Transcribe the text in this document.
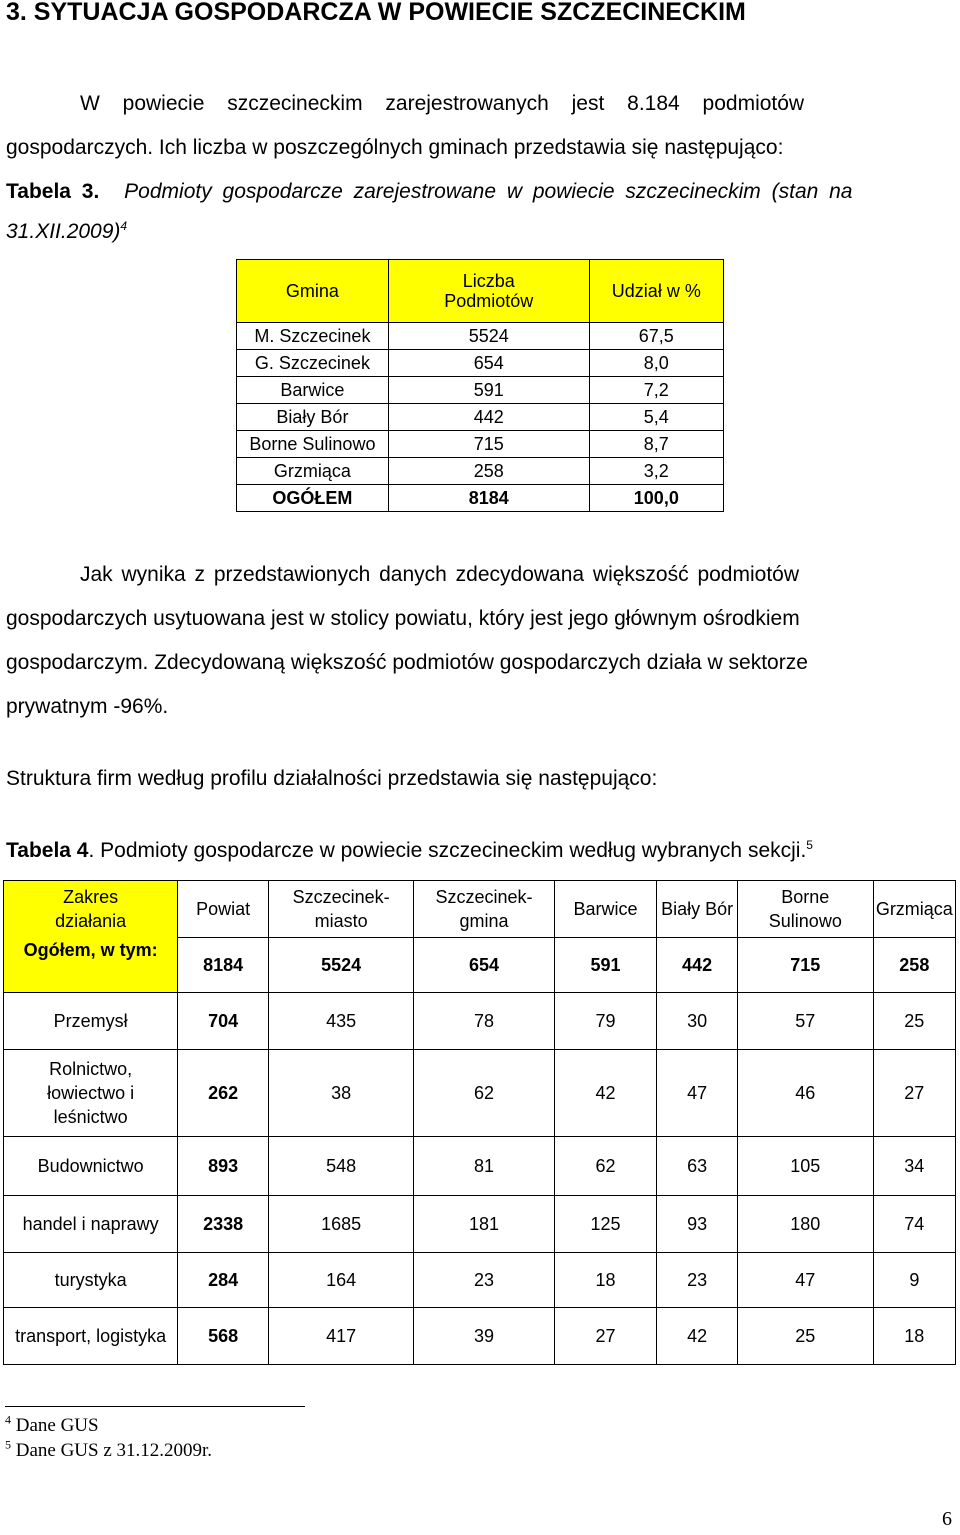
3. SYTUACJA GOSPODARCZA W POWIECIE SZCZECINECKIM
W powiecie szczecineckim zarejestrowanych jest 8.184 podmiotów
gospodarczych. Ich liczba w poszczególnych gminach przedstawia się następująco:
Tabela 3. Podmioty gospodarcze zarejestrowane w powiecie szczecineckim (stan na
31.XII.2009)$^4$
Gmina	Liczba Podmiotów	Udział w %
M. Szczecinek	5524	67,5
G. Szczecinek	654	8,0
Barwice	591	7,2
Biały Bór	442	5,4
Borne Sulinowo	715	8,7
Grzmiąca	258	3,2
OGÓŁEM	8184	100,0
Jak wynika z przedstawionych danych zdecydowana większość podmiotów
gospodarczych usytuowana jest w stolicy powiatu, który jest jego głównym ośrodkiem
gospodarczym. Zdecydowaną większość podmiotów gospodarczych działa w sektorze
prywatnym -96%.
Struktura firm według profilu działalności przedstawia się następująco:
Tabela 4. Podmioty gospodarcze w powiecie szczecineckim według wybranych sekcji.$^5$
Zakres działania	Powiat	Szczecinek-miasto	Szczecinek-gmina	Barwice	Biały Bór	Borne Sulinowo	Grzmiąca
Ogółem, w tym:	8184	5524	654	591	442	715	258
Przemysł	704	435	78	79	30	57	25
Rolnictwo, łowiectwo i leśnictwo	262	38	62	42	47	46	27
Budownictwo	893	548	81	62	63	105	34
handel i naprawy	2338	1685	181	125	93	180	74
turystyka	284	164	23	18	23	47	9
transport, logistyka	568	417	39	27	42	25	18
$^4$ Dane GUS
$^5$ Dane GUS z 31.12.2009r.
6
